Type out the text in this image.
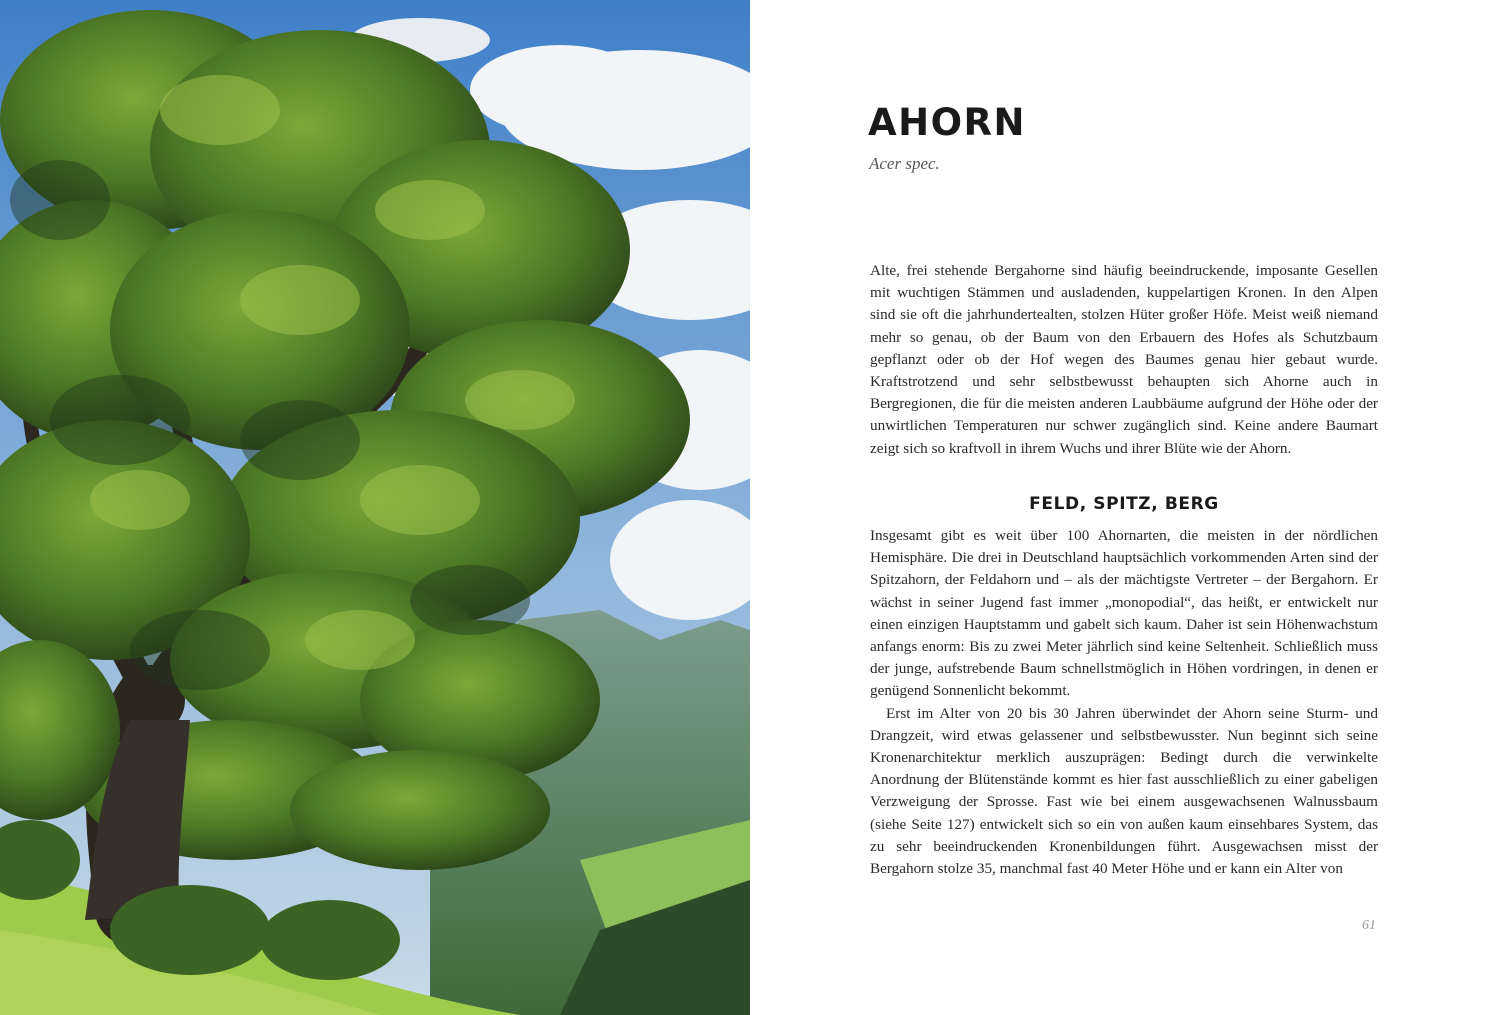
AHORN

Acer spec.

Alte, frei stehende Bergahorne sind häufig beeindruckende, imposante Gesellen mit wuchtigen Stämmen und ausladenden, kuppelartigen Kronen. In den Alpen sind sie oft die jahrhundertealten, stolzen Hüter großer Höfe. Meist weiß niemand mehr so genau, ob der Baum von den Erbauern des Hofes als Schutzbaum gepflanzt oder ob der Hof wegen des Baumes genau hier gebaut wurde. Kraftstrotzend und sehr selbstbewusst behaupten sich Ahorne auch in Bergregionen, die für die meisten anderen Laubbäume aufgrund der Höhe oder der unwirtlichen Temperaturen nur schwer zugänglich sind. Keine andere Baumart zeigt sich so kraftvoll in ihrem Wuchs und ihrer Blüte wie der Ahorn.

FELD, SPITZ, BERG

Insgesamt gibt es weit über 100 Ahornarten, die meisten in der nördlichen Hemisphäre. Die drei in Deutschland hauptsächlich vorkommenden Arten sind der Spitzahorn, der Feldahorn und – als der mächtigste Vertreter – der Bergahorn. Er wächst in seiner Jugend fast immer „monopodial“, das heißt, er entwickelt nur einen einzigen Hauptstamm und gabelt sich kaum. Daher ist sein Höhenwachstum anfangs enorm: Bis zu zwei Meter jährlich sind keine Seltenheit. Schließlich muss der junge, aufstrebende Baum schnellstmöglich in Höhen vordringen, in denen er genügend Sonnenlicht bekommt.

Erst im Alter von 20 bis 30 Jahren überwindet der Ahorn seine Sturm- und Drangzeit, wird etwas gelassener und selbstbewusster. Nun beginnt sich seine Kronenarchitektur merklich auszuprägen: Bedingt durch die verwinkelte Anordnung der Blütenstände kommt es hier fast ausschließlich zu einer gabeligen Verzweigung der Sprosse. Fast wie bei einem ausgewachsenen Walnussbaum (siehe Seite 127) entwickelt sich so ein von außen kaum einsehbares System, das zu sehr beeindruckenden Kronenbildungen führt. Ausgewachsen misst der Bergahorn stolze 35, manchmal fast 40 Meter Höhe und er kann ein Alter von

61
